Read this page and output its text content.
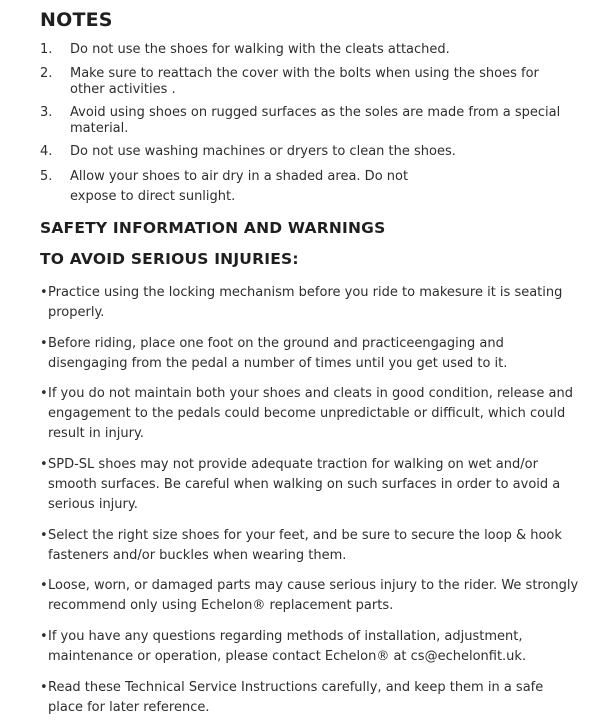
NOTES
1.	Do not use the shoes for walking with the cleats attached.
2.	Make sure to reattach the cover with the bolts when using the shoes for other activities .
3.	Avoid using shoes on rugged surfaces as the soles are made from a special material.
4.	Do not use washing machines or dryers to clean the shoes.
5.	Allow your shoes to air dry in a shaded area. Do not expose to direct sunlight.
SAFETY INFORMATION AND WARNINGS
TO AVOID SERIOUS INJURIES:
• Practice using the locking mechanism before you ride to makesure it is seating properly.
• Before riding, place one foot on the ground and practiceengaging and disengaging from the pedal a number of times until you get used to it.
• If you do not maintain both your shoes and cleats in good condition, release and engagement to the pedals could become unpredictable or difficult, which could result in injury.
• SPD-SL shoes may not provide adequate traction for walking on wet and/or smooth surfaces. Be careful when walking on such surfaces in order to avoid a serious injury.
• Select the right size shoes for your feet, and be sure to secure the loop & hook fasteners and/or buckles when wearing them.
• Loose, worn, or damaged parts may cause serious injury to the rider. We strongly recommend only using Echelon® replacement parts.
• If you have any questions regarding methods of installation, adjustment, maintenance or operation, please contact Echelon® at cs@echelonfit.uk.
• Read these Technical Service Instructions carefully, and keep them in a safe place for later reference.
